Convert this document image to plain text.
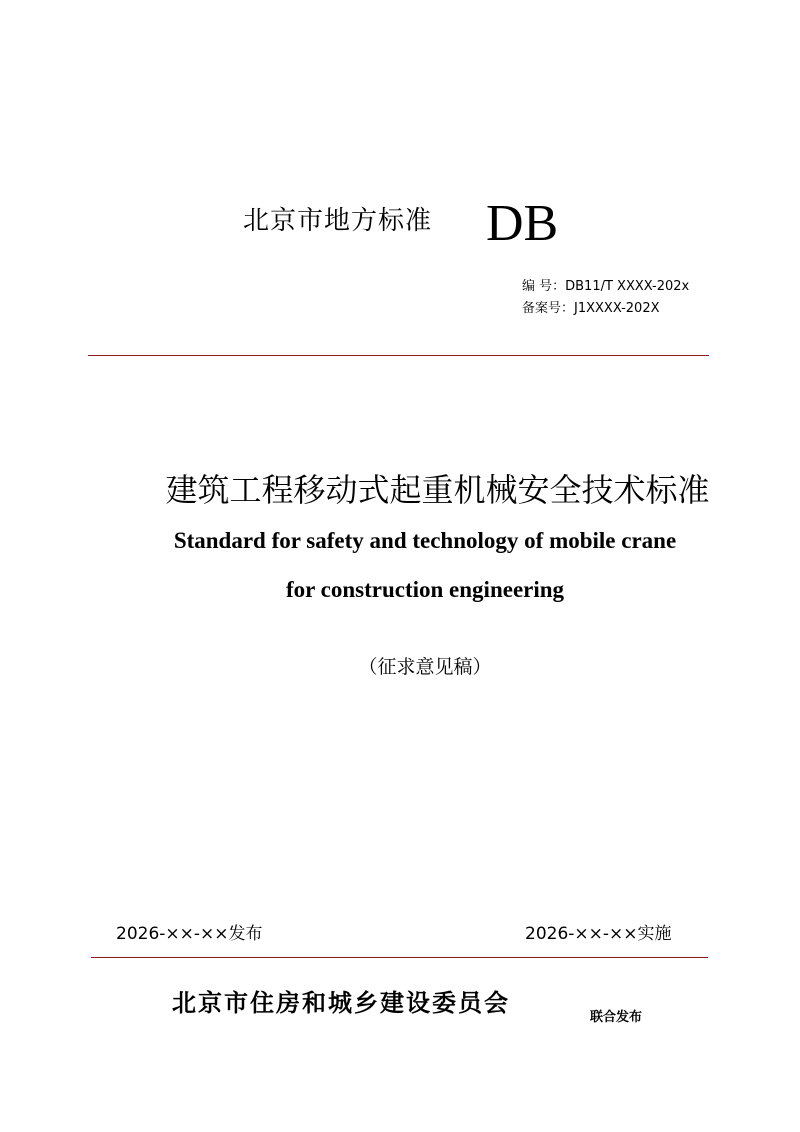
北京市地方标准 DB
编 号：DB11/T XXXX-202x
备案号：J1XXXX-202X
建筑工程移动式起重机械安全技术标准
Standard for safety and technology of mobile crane
for construction engineering
（征求意见稿）
2026-××-××发布	2026-××-××实施
北京市住房和城乡建设委员会
联合发布
